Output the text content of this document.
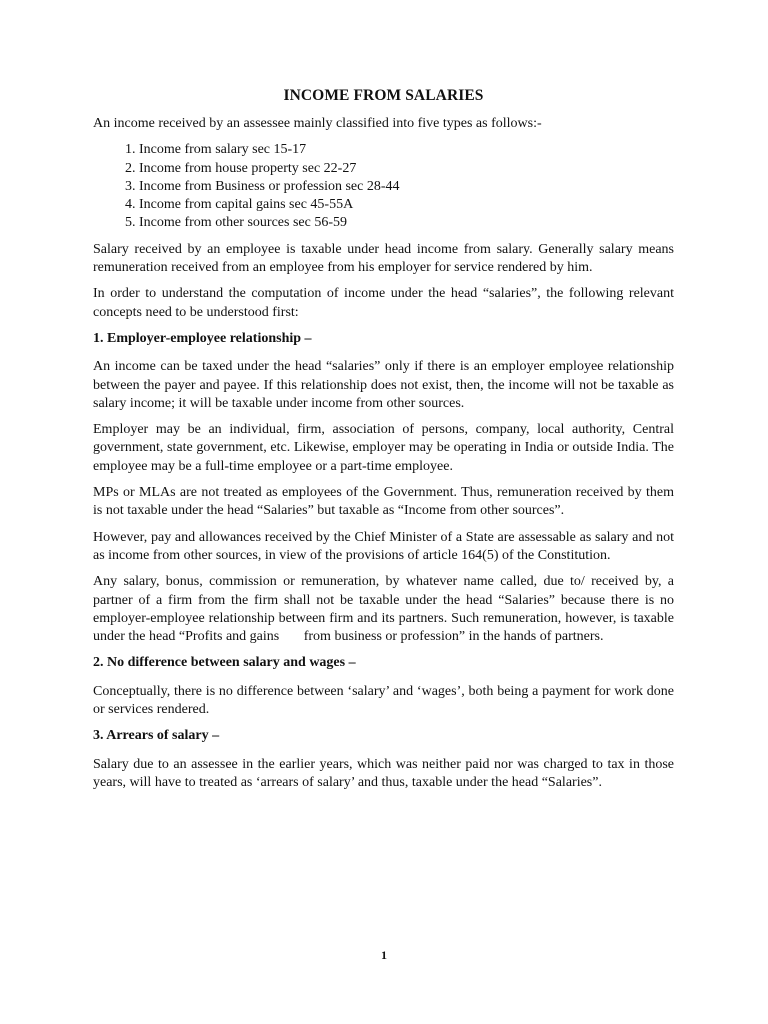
INCOME FROM SALARIES

An income received by an assessee mainly classified into five types as follows:-

1. Income from salary sec 15-17
2. Income from house property sec 22-27
3. Income from Business or profession sec 28-44
4. Income from capital gains sec 45-55A
5. Income from other sources sec 56-59

Salary received by an employee is taxable under head income from salary. Generally salary means remuneration received from an employee from his employer for service rendered by him.

In order to understand the computation of income under the head “salaries”, the following relevant concepts need to be understood first:

1. Employer-employee relationship –

An income can be taxed under the head “salaries” only if there is an employer employee relationship between the payer and payee. If this relationship does not exist, then, the income will not be taxable as salary income; it will be taxable under income from other sources.

Employer may be an individual, firm, association of persons, company, local authority, Central government, state government, etc. Likewise, employer may be operating in India or outside India. The employee may be a full-time employee or a part-time employee.

MPs or MLAs are not treated as employees of the Government. Thus, remuneration received by them is not taxable under the head “Salaries” but taxable as “Income from other sources”.

However, pay and allowances received by the Chief Minister of a State are assessable as salary and not as income from other sources, in view of the provisions of article 164(5) of the Constitution.

Any salary, bonus, commission or remuneration, by whatever name called, due to/ received by, a partner of a firm from the firm shall not be taxable under the head “Salaries” because there is no employer-employee relationship between firm and its partners. Such remuneration, however, is taxable under the head “Profits and gains       from business or profession” in the hands of partners.

2. No difference between salary and wages –

Conceptually, there is no difference between ‘salary’ and ‘wages’, both being a payment for work done or services rendered.

3. Arrears of salary –

Salary due to an assessee in the earlier years, which was neither paid nor was charged to tax in those years, will have to treated as ‘arrears of salary’ and thus, taxable under the head “Salaries”.

1
